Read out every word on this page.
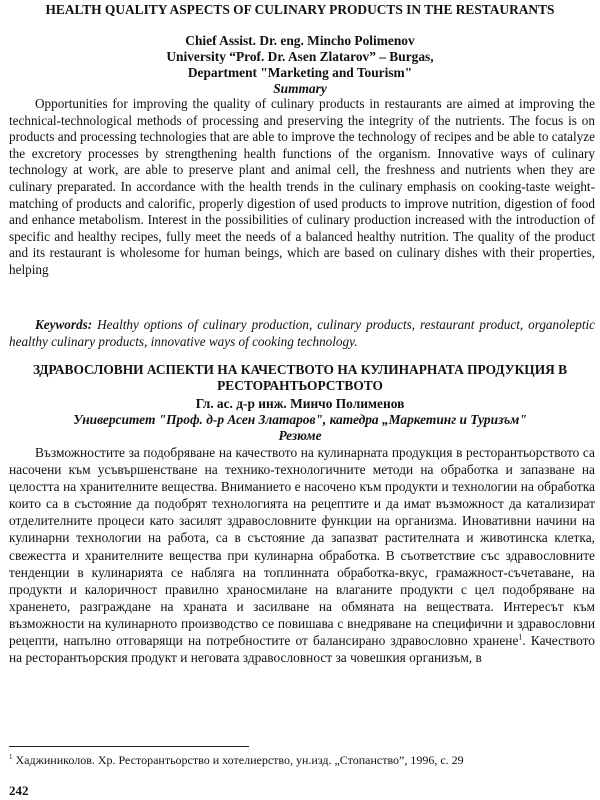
HEALTH QUALITY ASPECTS OF CULINARY PRODUCTS IN THE RESTAURANTS
Chief Assist. Dr. eng. Mincho Polimenov
University “Prof. Dr. Asen Zlatarov” – Burgas,
Department "Marketing and Tourism"
Summary
Opportunities for improving the quality of culinary products in restaurants are aimed at improving the technical-technological methods of processing and preserving the integrity of the nutrients. The focus is on products and processing technologies that are able to improve the technology of recipes and be able to catalyze the excretory processes by strengthening health functions of the organism. Innovative ways of culinary technology at work, are able to preserve plant and animal cell, the freshness and nutrients when they are culinary preparated. In accordance with the health trends in the culinary emphasis on cooking-taste weight-matching of products and calorific, properly digestion of used products to improve nutrition, digestion of food and enhance metabolism. Interest in the possibilities of culinary production increased with the introduction of specific and healthy recipes, fully meet the needs of a balanced healthy nutrition. The quality of the product and its restaurant is wholesome for human beings, which are based on culinary dishes with their properties, helping
Keywords: Healthy options of culinary production, culinary products, restaurant product, organoleptic healthy culinary products, innovative ways of cooking technology.
ЗДРАВОСЛОВНИ АСПЕКТИ НА КАЧЕСТВОТО НА КУЛИНАРНАТА ПРОДУКЦИЯ В РЕСТОРАНТЬОРСТВОТО
Гл. ас. д-р инж. Минчо Полименов
Университет "Проф. д-р Асен Златаров", катедра „Маркетинг и Туризъм"
Резюме
Възможностите за подобряване на качеството на кулинарната продукция в ресторантьорството са насочени към усъвършенстване на технико-технологичните методи на обработка и запазване на целостта на хранителните вещества. Вниманието е насочено към продукти и технологии на обработка които са в състояние да подобрят технологията на рецептите и да имат възможност да катализират отделителните процеси като засилят здравословните функции на организма. Иновативни начини на кулинарни технологии на работа, са в състояние да запазват растителната и животинска клетка, свежестта и хранителните вещества при кулинарна обработка. В съответствие със здравословните тенденции в кулинарията се набляга на топлинната обработка-вкус, грамажност-съчетаване, на продукти и калоричност правилно храносмилане на влаганите продукти с цел подобряване на храненето, разграждане на храната и засилване на обмяната на веществата. Интересът към възможности на кулинарното производство се повишава с внедряване на специфични и здравословни рецепти, напълно отговарящи на потребностите от балансирано здравословно хранене$^1$. Качеството на ресторантьорския продукт и неговата здравословност за човешкия организъм, в
$^1$ Хаджиниколов. Хр. Ресторантьорство и хотелиерство, ун.изд. „Стопанство”, 1996, с. 29
242
